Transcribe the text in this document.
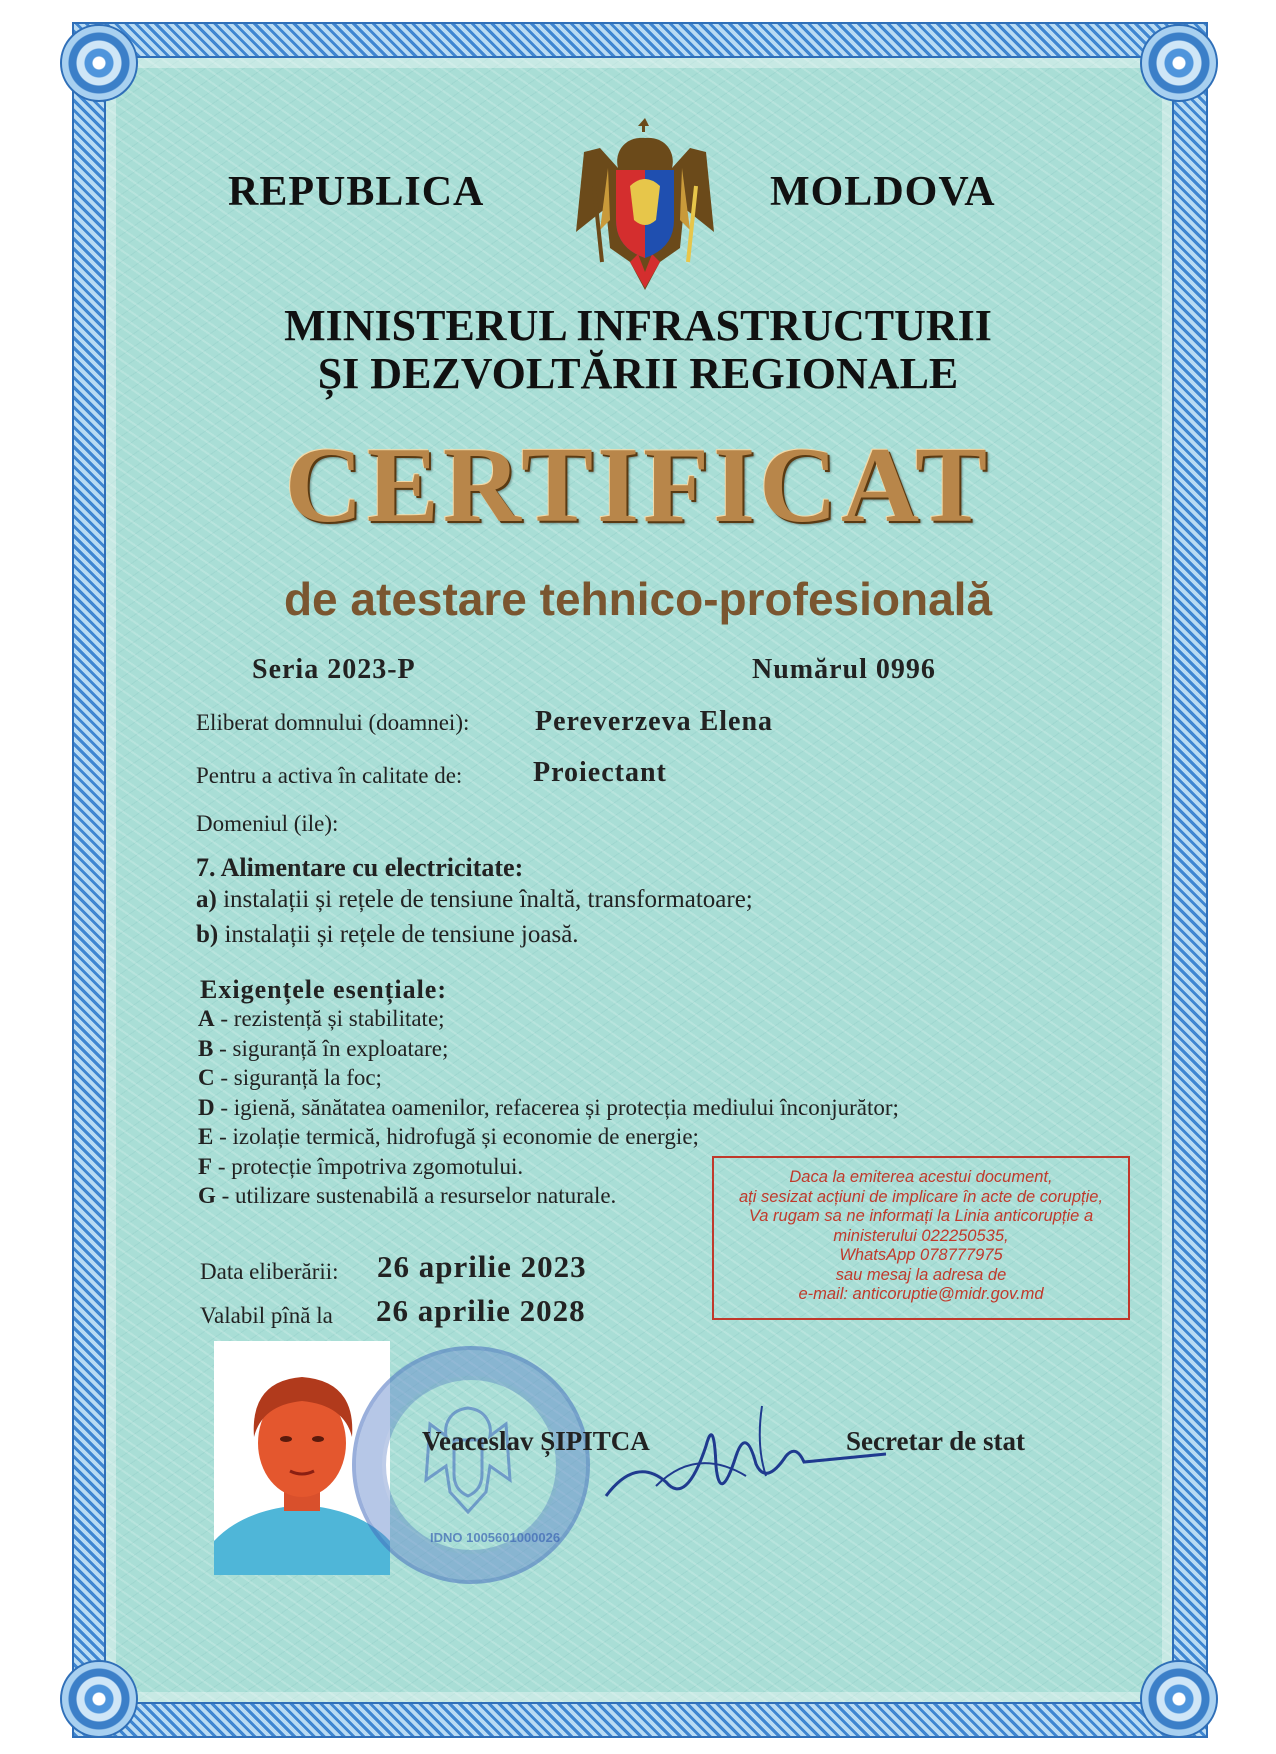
REPUBLICA	MOLDOVA
MINISTERUL INFRASTRUCTURII
ȘI DEZVOLTĂRII REGIONALE
CERTIFICAT
de atestare tehnico-profesională
Seria 2023-P	Numărul 0996
Eliberat domnului (doamnei): Pereverzeva Elena
Pentru a activa în calitate de:	Proiectant
Domeniul (ile):
7. Alimentare cu electricitate:
a) instalații și rețele de tensiune înaltă, transformatoare;
b) instalații și rețele de tensiune joasă.
Exigențele esențiale:
A - rezistență și stabilitate;
B - siguranță în exploatare;
C - siguranță la foc;
D - igienă, sănătatea oamenilor, refacerea și protecția mediului înconjurător;
E - izolație termică, hidrofugă și economie de energie;
F - protecție împotriva zgomotului.
G - utilizare sustenabilă a resurselor naturale.
Daca la emiterea acestui document,
ați sesizat acțiuni de implicare în acte de corupție,
Va rugam sa ne informați la Linia anticorupție a
ministerului 022250535,
WhatsApp 078777975
sau mesaj la adresa de
e-mail: anticoruptie@midr.gov.md
Data eliberării: 26 aprilie 2023
Valabil pînă la 26 aprilie 2028
IDNO 1005601000026
Veaceslav ȘIPITCA	Secretar de stat
